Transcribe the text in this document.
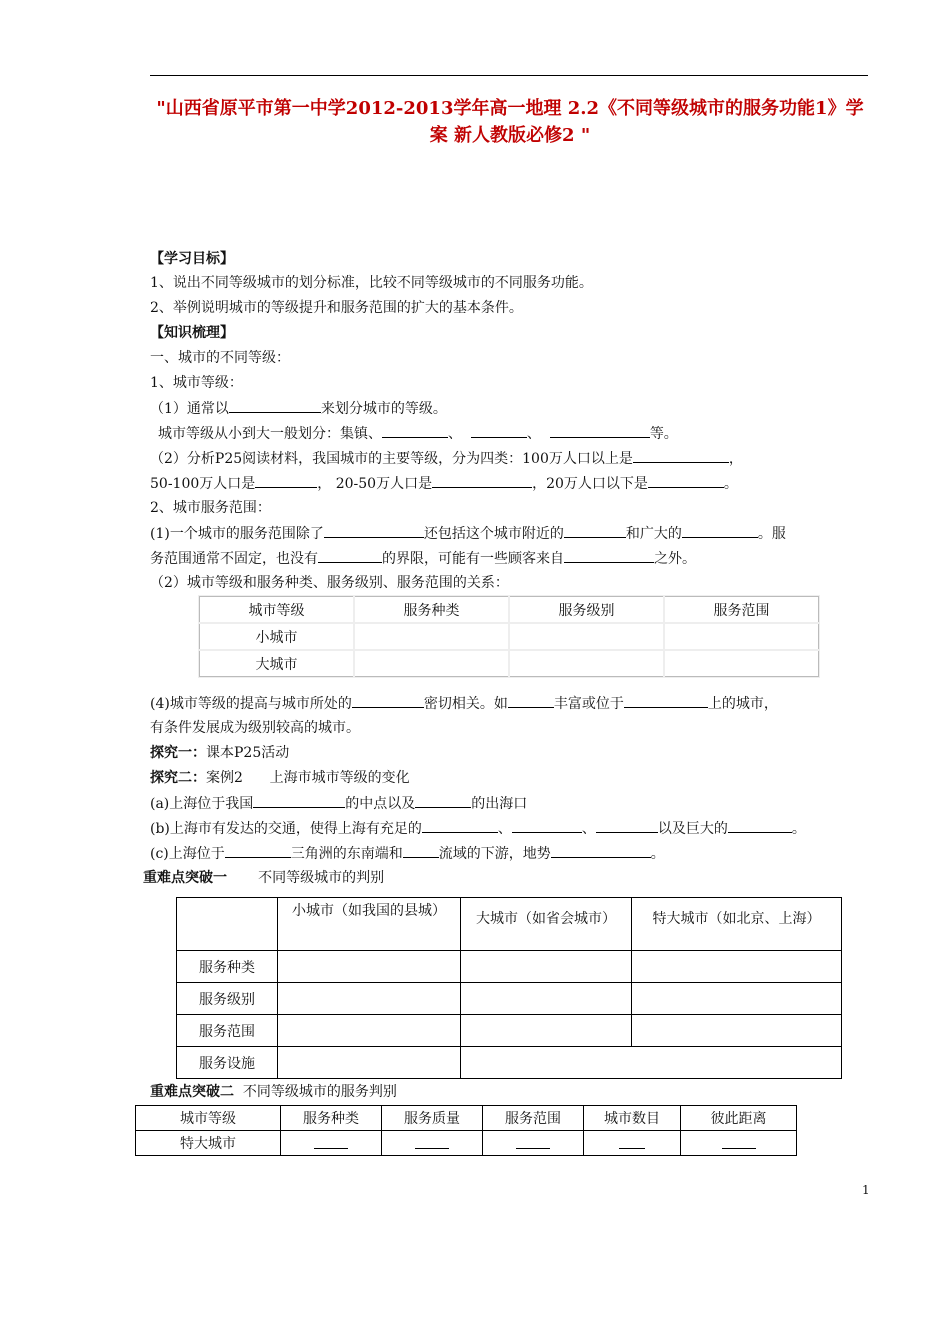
"山西省原平市第一中学2012-2013学年高一地理 2.2《不同等级城市的服务功能1》学案 新人教版必修2 "
【学习目标】
1、说出不同等级城市的划分标准，比较不同等级城市的不同服务功能。
2、举例说明城市的等级提升和服务范围的扩大的基本条件。
【知识梳理】
一、城市的不同等级：
1、城市等级：
（1）通常以	来划分城市的等级。
城市等级从小到大一般划分：集镇、	、	、	等。
（2）分析P25阅读材料，我国城市的主要等级，分为四类：100万人口以上是	，
50-100万人口是	， 20-50万人口是	，20万人口以下是	。
2、城市服务范围：
(1)一个城市的服务范围除了	还包括这个城市附近的	和广大的	。服
务范围通常不固定，也没有	的界限，可能有一些顾客来自	之外。
（2）城市等级和服务种类、服务级别、服务范围的关系：
城市等级	服务种类	服务级别	服务范围
小城市			
大城市			
(4)城市等级的提高与城市所处的	密切相关。如	丰富或位于	上的城市，
有条件发展成为级别较高的城市。
探究一：课本P25活动
探究二：案例2      上海市城市等级的变化
(a)上海位于我国	的中点以及	的出海口
(b)上海市有发达的交通，使得上海有充足的	、	、	以及巨大的	。
(c)上海位于	三角洲的东南端和	流域的下游，地势	。
重难点突破一 不同等级城市的判别
	小城市（如我国的县城）	大城市（如省会城市）	特大城市（如北京、上海）
服务种类			
服务级别			
服务范围			
服务设施			
重难点突破二 不同等级城市的服务判别
城市等级	服务种类	服务质量	服务范围	城市数目	彼此距离
特大城市					
1
